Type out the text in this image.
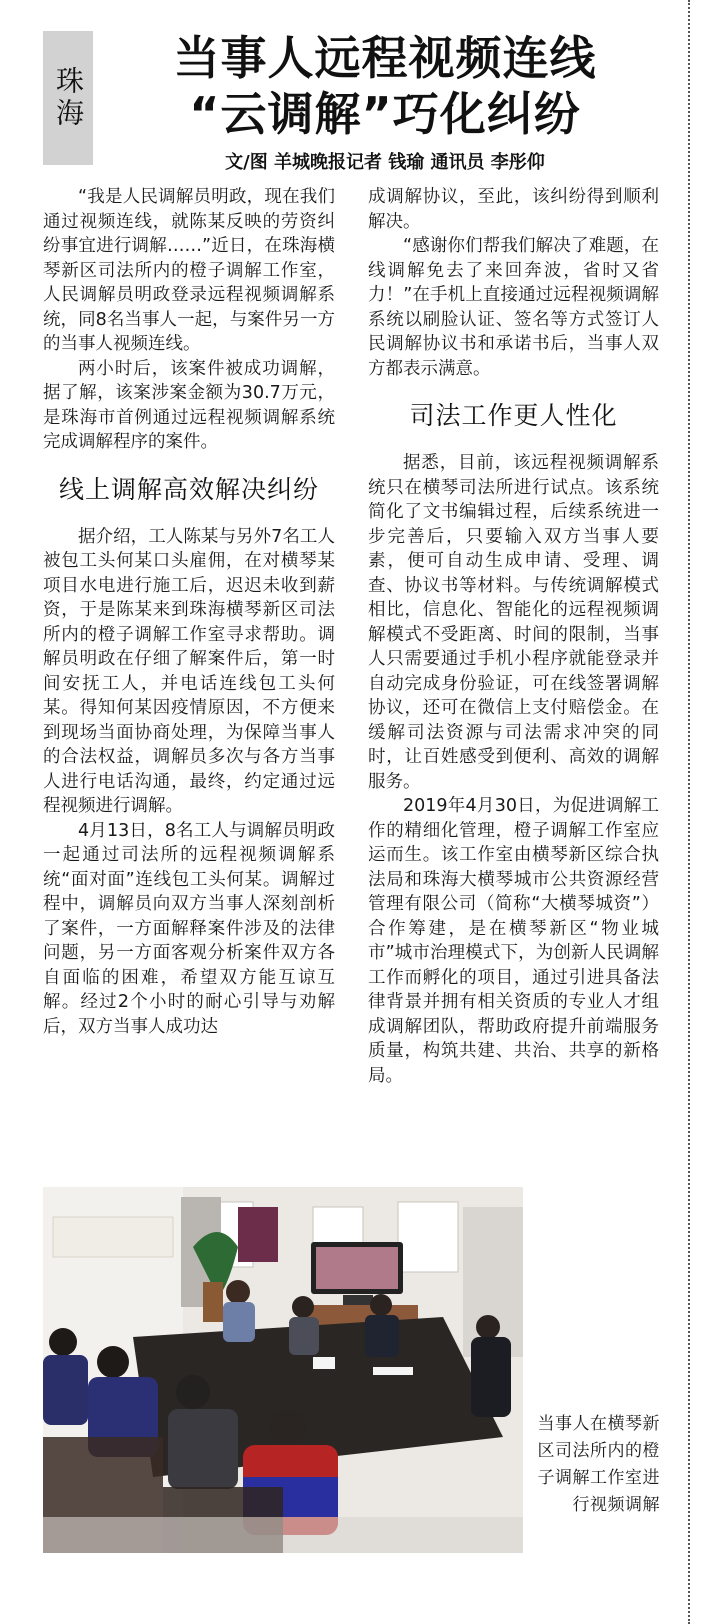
珠海
当事人远程视频连线
“云调解”巧化纠纷
文/图 羊城晚报记者 钱瑜 通讯员 李彤仰

“我是人民调解员明政，现在我们通过视频连线，就陈某反映的劳资纠纷事宜进行调解……”近日，在珠海横琴新区司法所内的橙子调解工作室，人民调解员明政登录远程视频调解系统，同8名当事人一起，与案件另一方的当事人视频连线。

两小时后，该案件被成功调解，据了解，该案涉案金额为30.7万元，是珠海市首例通过远程视频调解系统完成调解程序的案件。

线上调解高效解决纠纷

据介绍，工人陈某与另外7名工人被包工头何某口头雇佣，在对横琴某项目水电进行施工后，迟迟未收到薪资，于是陈某来到珠海横琴新区司法所内的橙子调解工作室寻求帮助。调解员明政在仔细了解案件后，第一时间安抚工人，并电话连线包工头何某。得知何某因疫情原因，不方便来到现场当面协商处理，为保障当事人的合法权益，调解员多次与各方当事人进行电话沟通，最终，约定通过远程视频进行调解。

4月13日，8名工人与调解员明政一起通过司法所的远程视频调解系统“面对面”连线包工头何某。调解过程中，调解员向双方当事人深刻剖析了案件，一方面解释案件涉及的法律问题，另一方面客观分析案件双方各自面临的困难，希望双方能互谅互解。经过2个小时的耐心引导与劝解后，双方当事人成功达

成调解协议，至此，该纠纷得到顺利解决。

“感谢你们帮我们解决了难题，在线调解免去了来回奔波，省时又省力！”在手机上直接通过远程视频调解系统以刷脸认证、签名等方式签订人民调解协议书和承诺书后，当事人双方都表示满意。

司法工作更人性化

据悉，目前，该远程视频调解系统只在横琴司法所进行试点。该系统简化了文书编辑过程，后续系统进一步完善后，只要输入双方当事人要素，便可自动生成申请、受理、调查、协议书等材料。与传统调解模式相比，信息化、智能化的远程视频调解模式不受距离、时间的限制，当事人只需要通过手机小程序就能登录并自动完成身份验证，可在线签署调解协议，还可在微信上支付赔偿金。在缓解司法资源与司法需求冲突的同时，让百姓感受到便利、高效的调解服务。

2019年4月30日，为促进调解工作的精细化管理，橙子调解工作室应运而生。该工作室由横琴新区综合执法局和珠海大横琴城市公共资源经营管理有限公司（简称“大横琴城资”）合作筹建，是在横琴新区“物业城市”城市治理模式下，为创新人民调解工作而孵化的项目，通过引进具备法律背景并拥有相关资质的专业人才组成调解团队，帮助政府提升前端服务质量，构筑共建、共治、共享的新格局。

当事人在横琴新区司法所内的橙子调解工作室进行视频调解
